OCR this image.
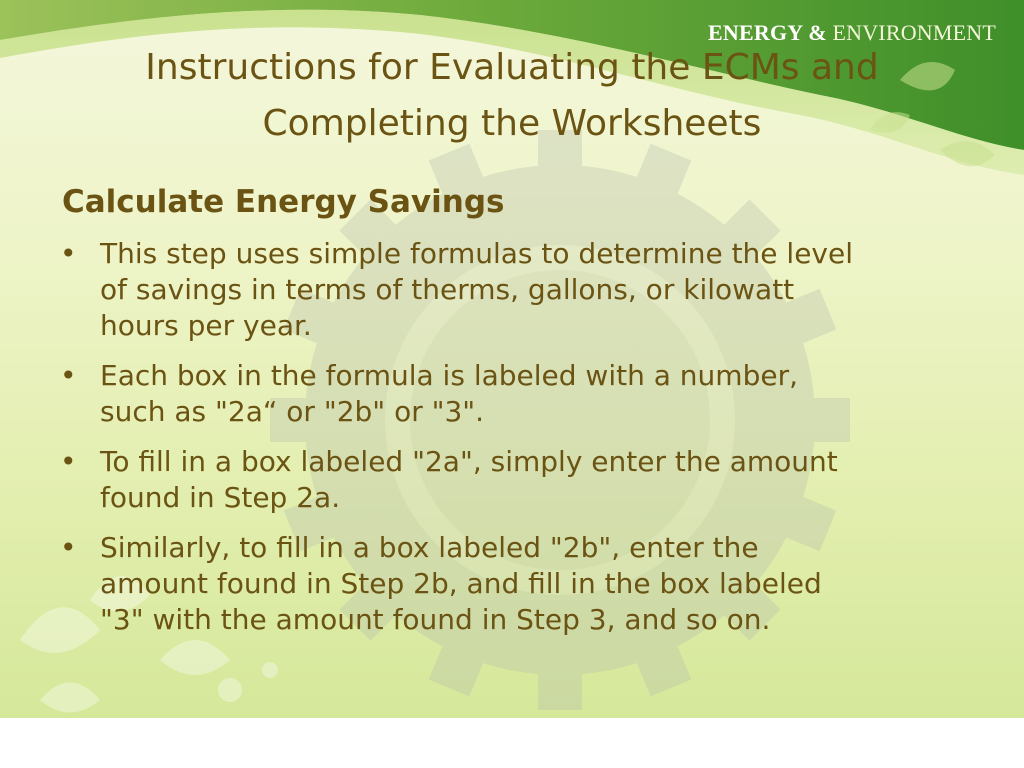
ENERGY & ENVIRONMENT
Instructions for Evaluating the ECMs and
Completing the Worksheets
Calculate Energy Savings
• This step uses simple formulas to determine the level
of savings in terms of therms, gallons, or kilowatt
hours per year.
• Each box in the formula is labeled with a number,
such as "2a“ or "2b" or "3".
• To fill in a box labeled "2a", simply enter the amount
found in Step 2a.
• Similarly, to fill in a box labeled "2b", enter the
amount found in Step 2b, and fill in the box labeled
"3" with the amount found in Step 3, and so on.
